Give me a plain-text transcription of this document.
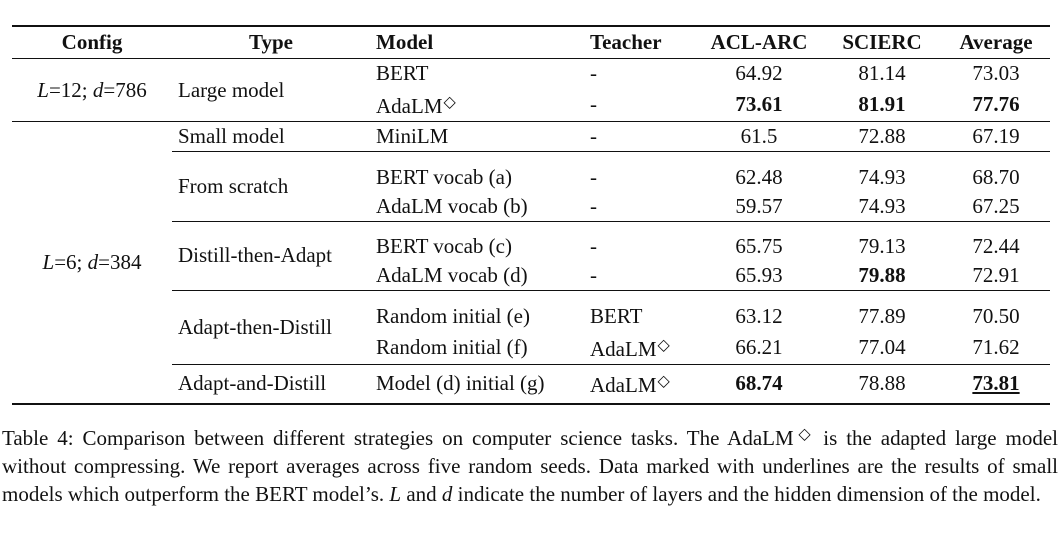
Config	Type	Model	Teacher	ACL-ARC	SCIERC	Average
L=12; d=786	Large model	BERT	-	64.92	81.14	73.03
		AdaLM◇	-	73.61	81.91	77.76
L=6; d=384	Small model	MiniLM	-	61.5	72.88	67.19
	From scratch	BERT vocab (a)	-	62.48	74.93	68.70
		AdaLM vocab (b)	-	59.57	74.93	67.25
	Distill-then-Adapt	BERT vocab (c)	-	65.75	79.13	72.44
		AdaLM vocab (d)	-	65.93	79.88	72.91
	Adapt-then-Distill	Random initial (e)	BERT	63.12	77.89	70.50
		Random initial (f)	AdaLM◇	66.21	77.04	71.62
	Adapt-and-Distill	Model (d) initial (g)	AdaLM◇	68.74	78.88	73.81
Table 4: Comparison between different strategies on computer science tasks. The AdaLM◇ is the adapted large model without compressing. We report averages across five random seeds. Data marked with underlines are the results of small models which outperform the BERT model’s. L and d indicate the number of layers and the hidden dimension of the model.
